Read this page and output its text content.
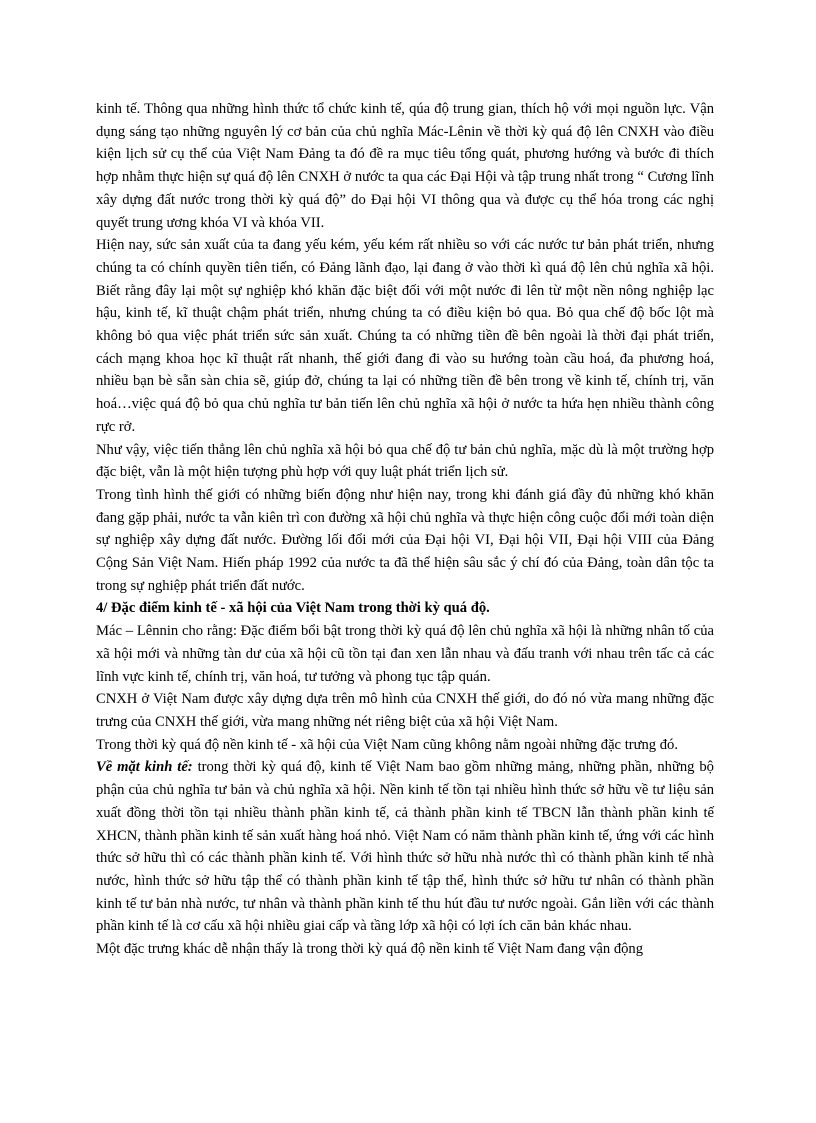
kinh tế. Thông qua những hình thức tổ chức kinh tế, qúa độ trung gian, thích hộ với mọi nguồn lực. Vận dụng sáng tạo những nguyên lý cơ bản của chủ nghĩa Mác-Lênin về thời kỳ quá độ lên CNXH vào điều kiện lịch sử cụ thể của Việt Nam Đảng ta đó đề ra mục tiêu tổng quát, phương hướng và bước đi thích hợp nhằm thực hiện sự quá độ lên CNXH ở nước ta qua các Đại Hội và tập trung nhất trong “ Cương lĩnh xây dựng đất nước trong thời kỳ quá độ” do Đại hội VI thông qua và được cụ thể hóa trong các nghị quyết trung ương khóa VI và khóa VII.

Hiện nay, sức sản xuất của ta đang yếu kém, yếu kém rất nhiều so với các nước tư bản phát triển, nhưng chúng ta có chính quyền tiên tiến, có Đảng lãnh đạo, lại đang ở vào thời kì quá độ lên chủ nghĩa xã hội. Biết rằng đây lại một sự nghiệp khó khăn đặc biệt đối với một nước đi lên từ một nền nông nghiệp lạc hậu, kinh tế, kĩ thuật chậm phát triển, nhưng chúng ta có điều kiện bỏ qua. Bỏ qua chế độ bốc lột mà không bỏ qua việc phát triển sức sản xuất. Chúng ta có những tiền đề bên ngoài là thời đại phát triển, cách mạng khoa học kĩ thuật rất nhanh, thế giới đang đi vào su hướng toàn cầu hoá, đa phương hoá, nhiều bạn bè sẵn sàn chia sẽ, giúp đở, chúng ta lại có những tiền đề bên trong về kinh tế, chính trị, văn hoá…việc quá độ bỏ qua chủ nghĩa tư bản tiến lên chủ nghĩa xã hội ở nước ta hứa hẹn nhiều thành công rực rở.

Như vậy, việc tiến thẳng lên chủ nghĩa xã hội bỏ qua chế độ tư bản chủ nghĩa, mặc dù là một trường hợp đặc biệt, vẫn là một hiện tượng phù hợp với quy luật phát triển lịch sử.

Trong tình hình thế giới có những biến động như hiện nay, trong khi đánh giá đầy đủ những khó khăn đang gặp phải, nước ta vẫn kiên trì con đường xã hội chủ nghĩa và thực hiện công cuộc đổi mới toàn diện sự nghiệp xây dựng đất nước. Đường lối đổi mới của Đại hội VI, Đại hội VII, Đại hội VIII của Đảng Cộng Sản Việt Nam. Hiến pháp 1992 của nước ta đã thể hiện sâu sắc ý chí đó của Đảng, toàn dân tộc ta trong sự nghiệp phát triển đất nước.

4/ Đặc điểm kinh tế - xã hội của Việt Nam trong thời kỳ quá độ.

Mác – Lênnin cho rằng: Đặc điểm bổi bật trong thời kỳ quá độ lên chủ nghĩa xã hội là những nhân tố của xã hội mới và những tàn dư của xã hội cũ tồn tại đan xen lẫn nhau và đấu tranh với nhau trên tấc cả các lĩnh vực kinh tế, chính trị, văn hoá, tư tưởng và phong tục tập quán.

CNXH ở Việt Nam được xây dựng dựa trên mô hình của CNXH thế giới, do đó nó vừa mang những đặc trưng của CNXH thế giới, vừa mang những nét riêng biệt của xã hội Việt Nam.

Trong thời kỳ quá độ nền kinh tế - xã hội của Việt Nam cũng không nằm ngoài những đặc trưng đó.

Về mặt kinh tế: trong thời kỳ quá độ, kinh tế Việt Nam bao gồm những mảng, những phần, những bộ phận của chủ nghĩa tư bản và chủ nghĩa xã hội. Nền kinh tế tồn tại nhiều hình thức sở hữu về tư liệu sản xuất đồng thời tồn tại nhiều thành phần kinh tế, cả thành phần kinh tế TBCN lẫn thành phần kinh tế XHCN, thành phần kinh tế sản xuất hàng hoá nhỏ. Việt Nam có năm thành phần kinh tế, ứng với các hình thức sở hữu thì có các thành phần kinh tế. Với hình thức sở hữu nhà nước thì có thành phần kinh tế nhà nước, hình thức sở hữu tập thể có thành phần kinh tế tập thể, hình thức sở hữu tư nhân có thành phần kinh tế tư bản nhà nước, tư nhân và thành phần kinh tế thu hút đầu tư nước ngoài. Gắn liền với các thành phần kinh tế là cơ cấu xã hội nhiều giai cấp và tầng lớp xã hội có lợi ích căn bản khác nhau.

Một đặc trưng khác dễ nhận thấy là trong thời kỳ quá độ nền kinh tế Việt Nam đang vận động
